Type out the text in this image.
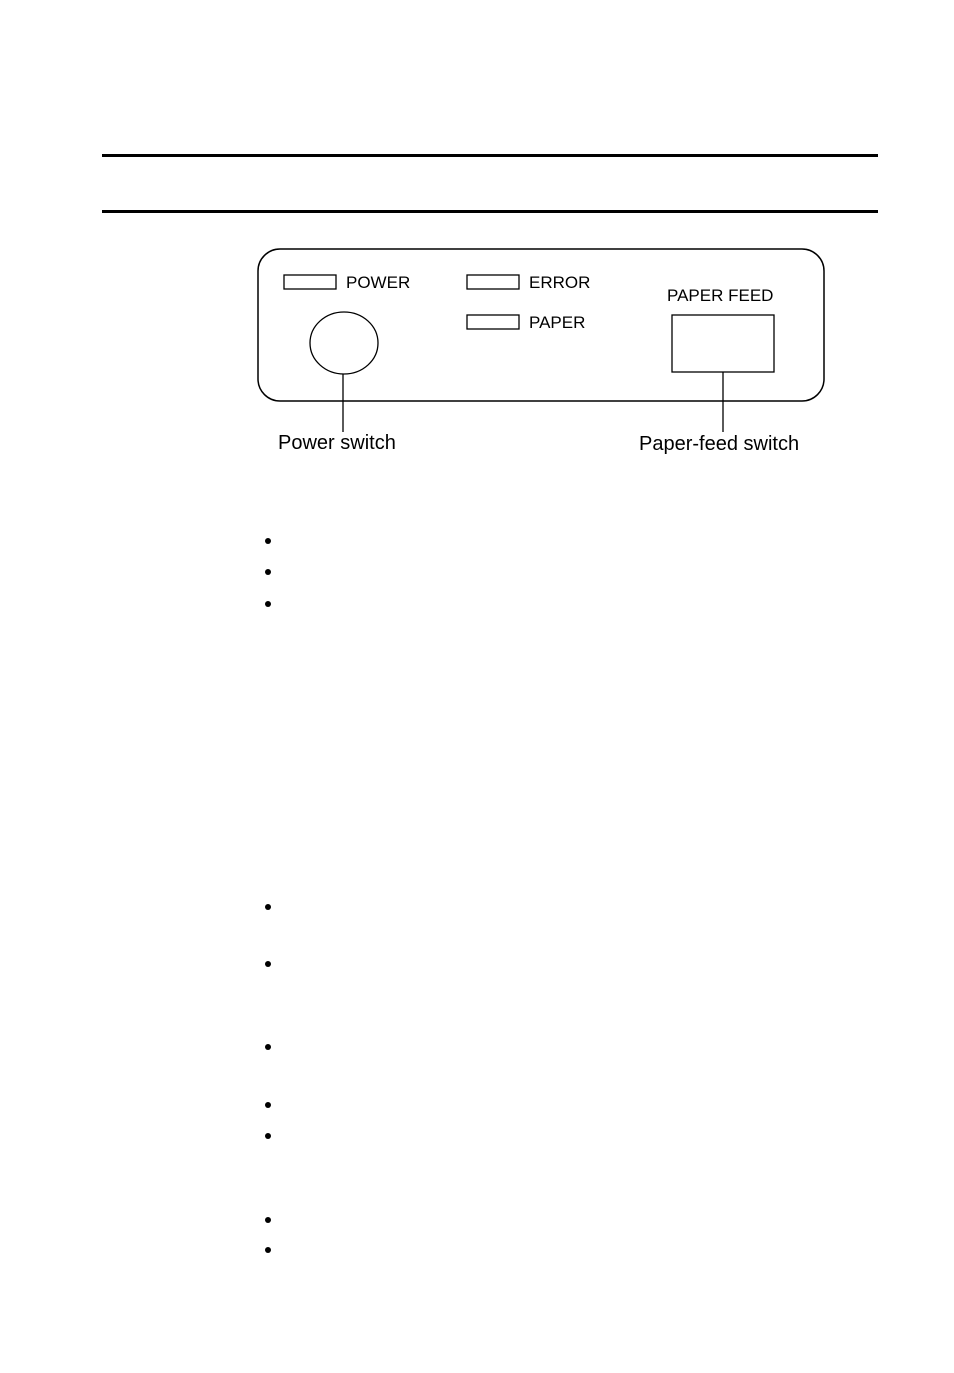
POWER	ERROR
PAPER
PAPER FEED
Power switch	Paper-feed switch
